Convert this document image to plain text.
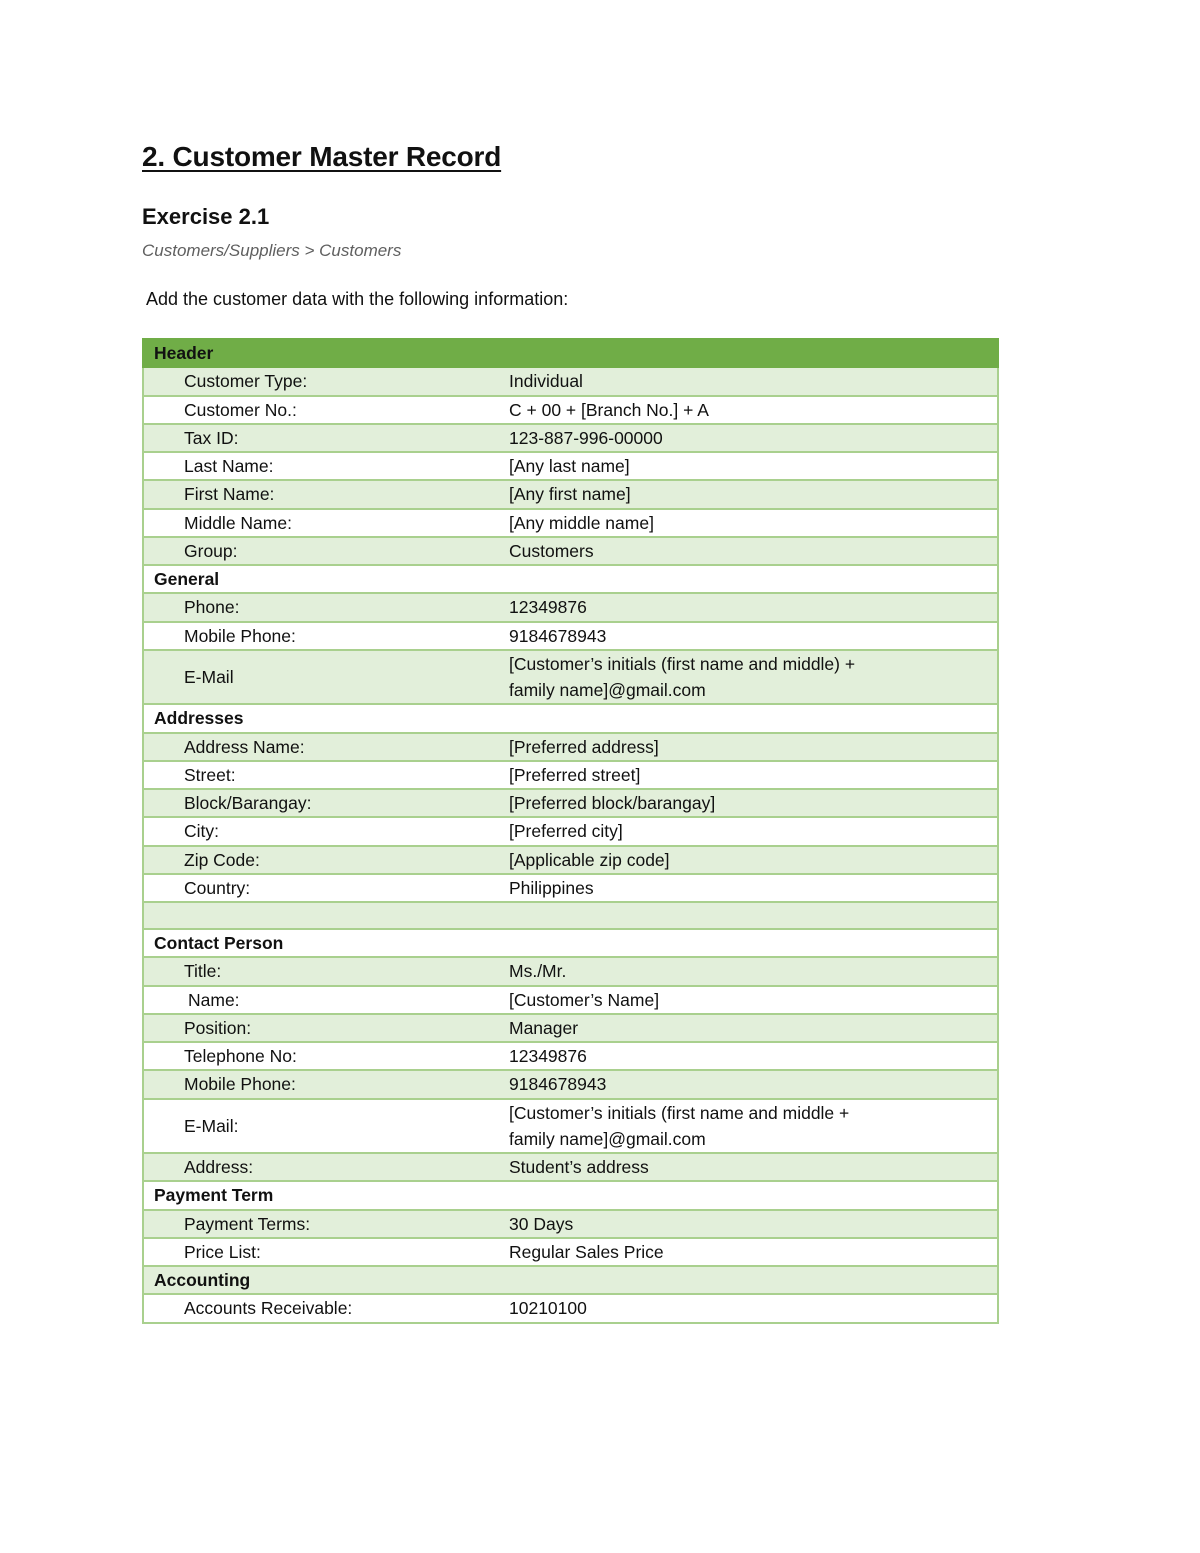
2. Customer Master Record
Exercise 2.1

Customers/Suppliers > Customers

Add the customer data with the following information:

Header	
Customer Type:	Individual
Customer No.:	C + 00 + [Branch No.] + A
Tax ID:	123-887-996-00000
Last Name:	[Any last name]
First Name:	[Any first name]
Middle Name:	[Any middle name]
Group:	Customers
General	
Phone:	12349876
Mobile Phone:	9184678943
E-Mail	[Customer’s initials (first name and middle) +
family name]@gmail.com
Addresses	
Address Name:	[Preferred address]
Street:	[Preferred street]
Block/Barangay:	[Preferred block/barangay]
City:	[Preferred city]
Zip Code:	[Applicable zip code]
Country:	Philippines

Contact Person	
Title:	Ms./Mr.
Name:	[Customer’s Name]
Position:	Manager
Telephone No:	12349876
Mobile Phone:	9184678943
E-Mail:	[Customer’s initials (first name and middle +
family name]@gmail.com
Address:	Student’s address
Payment Term	
Payment Terms:	30 Days
Price List:	Regular Sales Price
Accounting	
Accounts Receivable:	10210100
